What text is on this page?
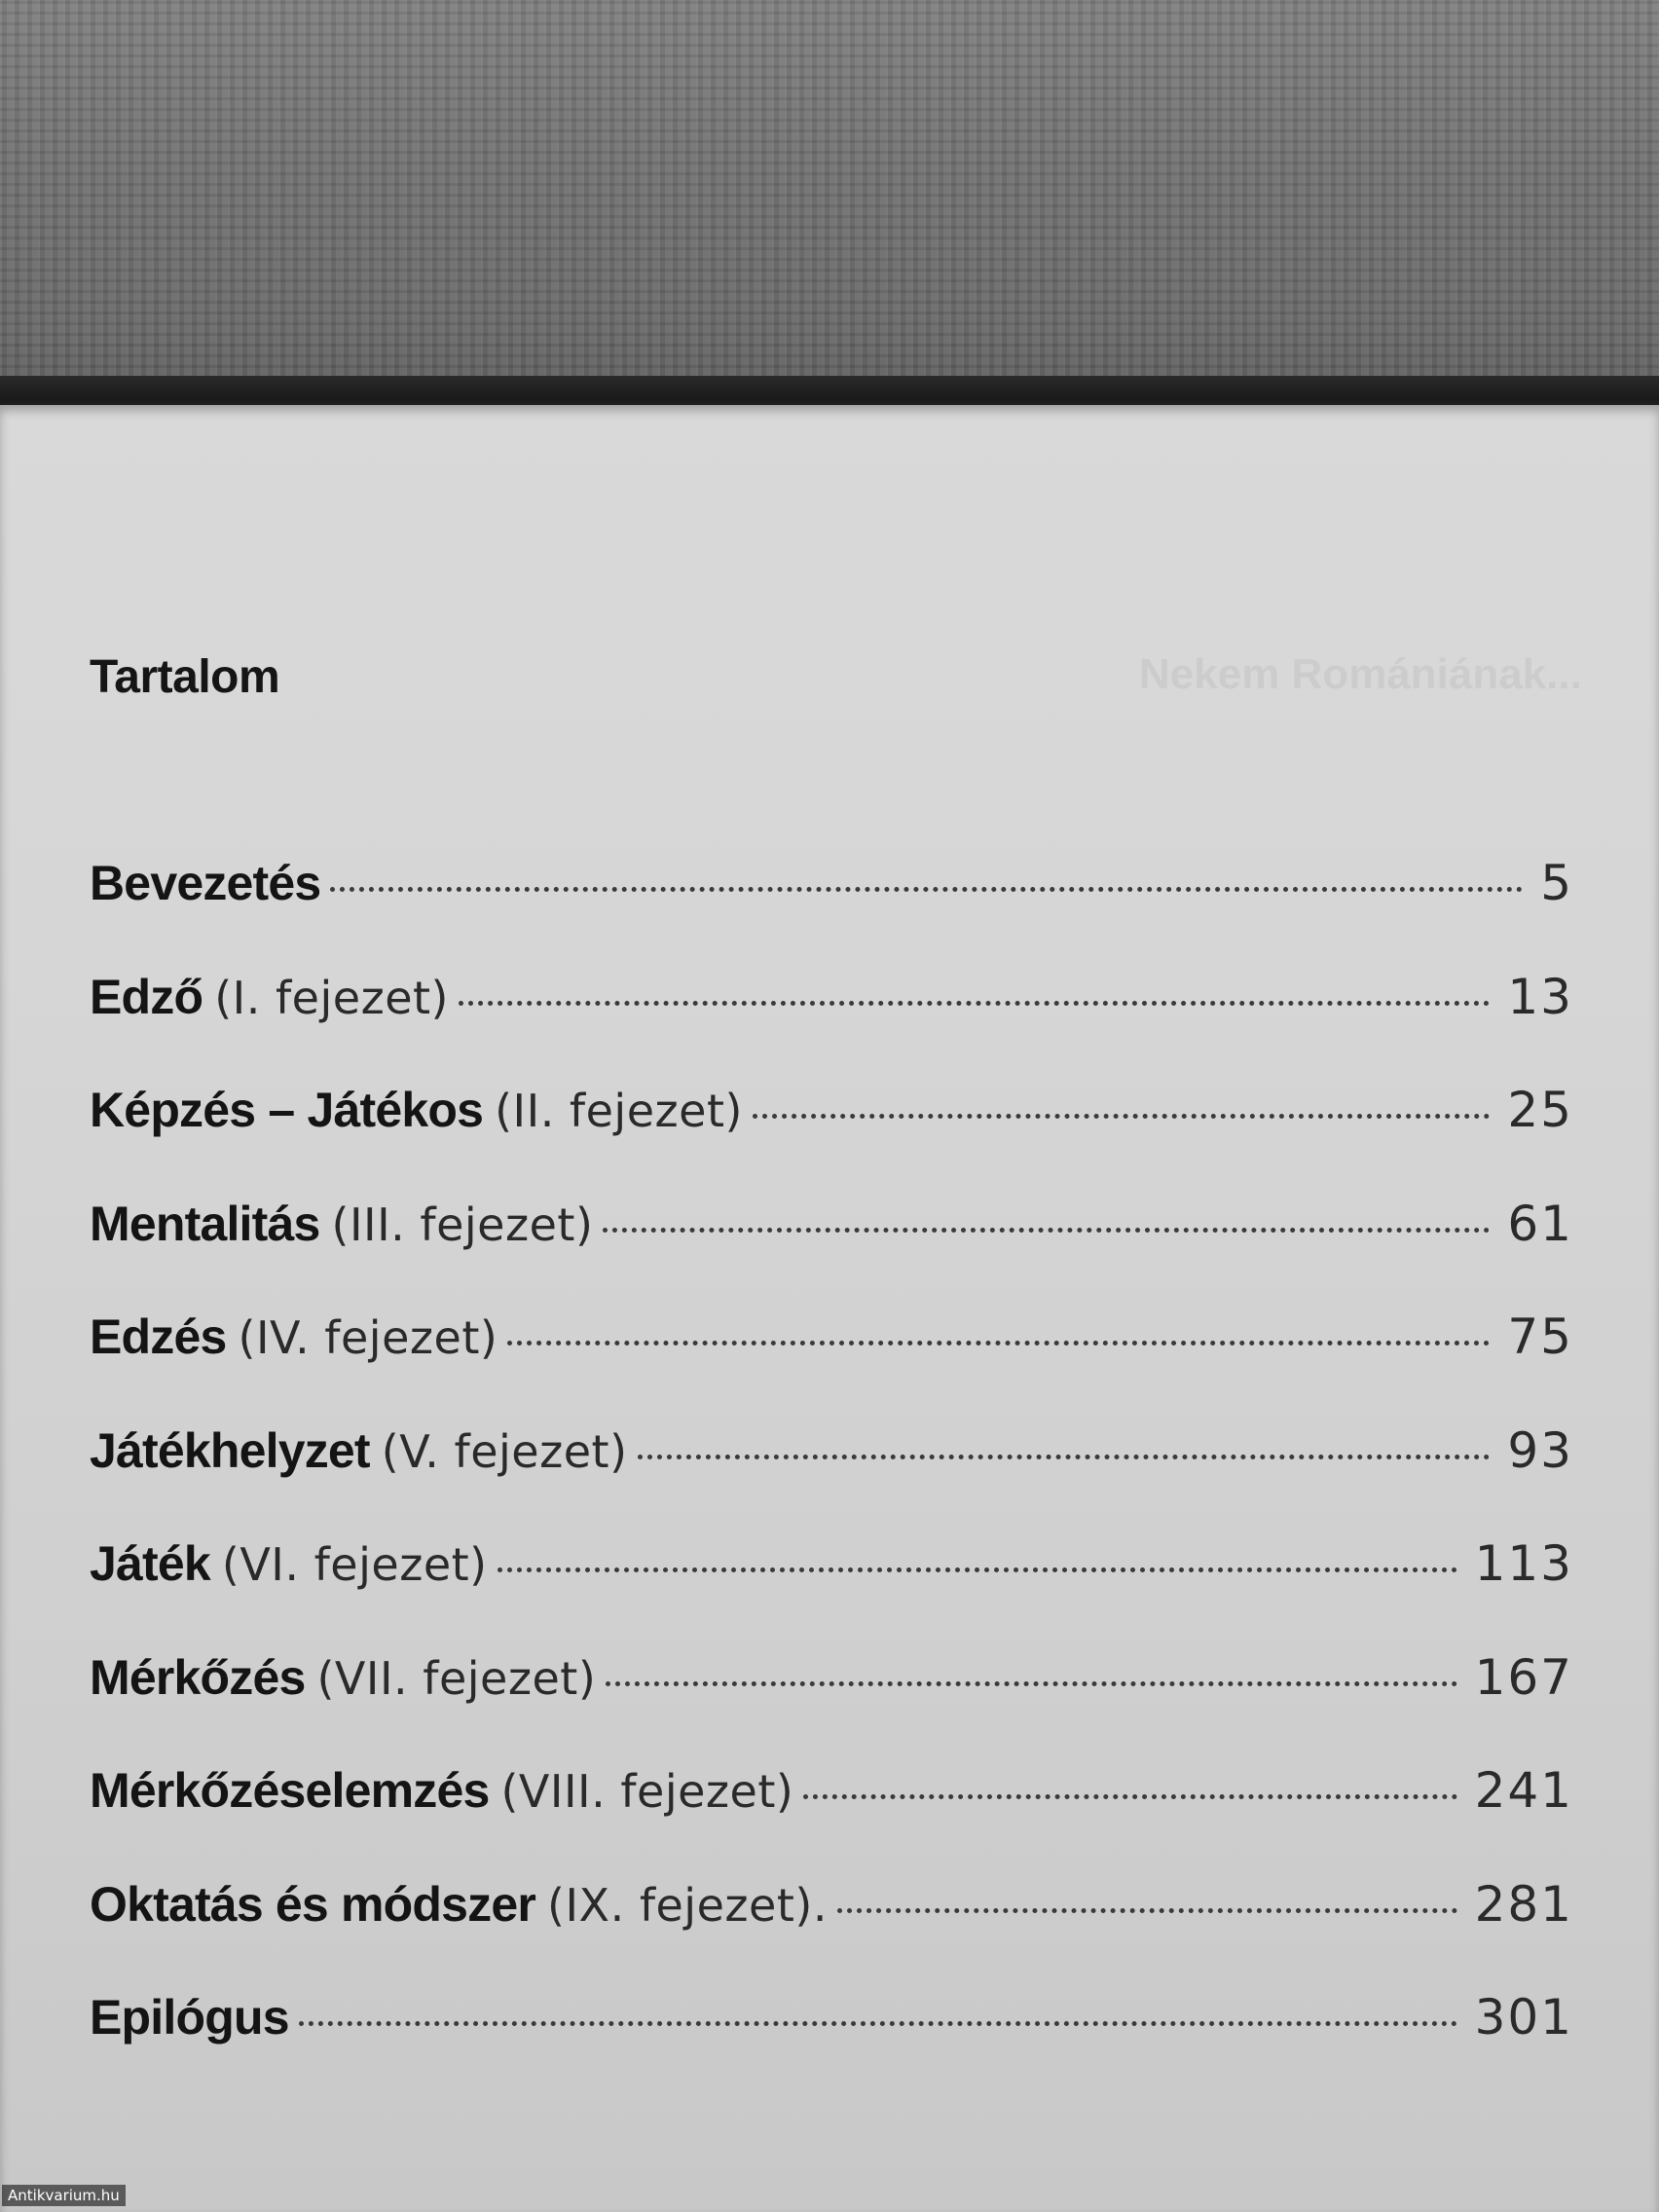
Nekem Romániának...
Tartalom
Bevezetés	5
Edző (I. fejezet)	13
Képzés – Játékos (II. fejezet)	25
Mentalitás (III. fejezet)	61
Edzés (IV. fejezet)	75
Játékhelyzet (V. fejezet)	93
Játék (VI. fejezet)	113
Mérkőzés (VII. fejezet)	167
Mérkőzéselemzés (VIII. fejezet)	241
Oktatás és módszer (IX. fejezet).	281
Epilógus	301
Antikvarium.hu
